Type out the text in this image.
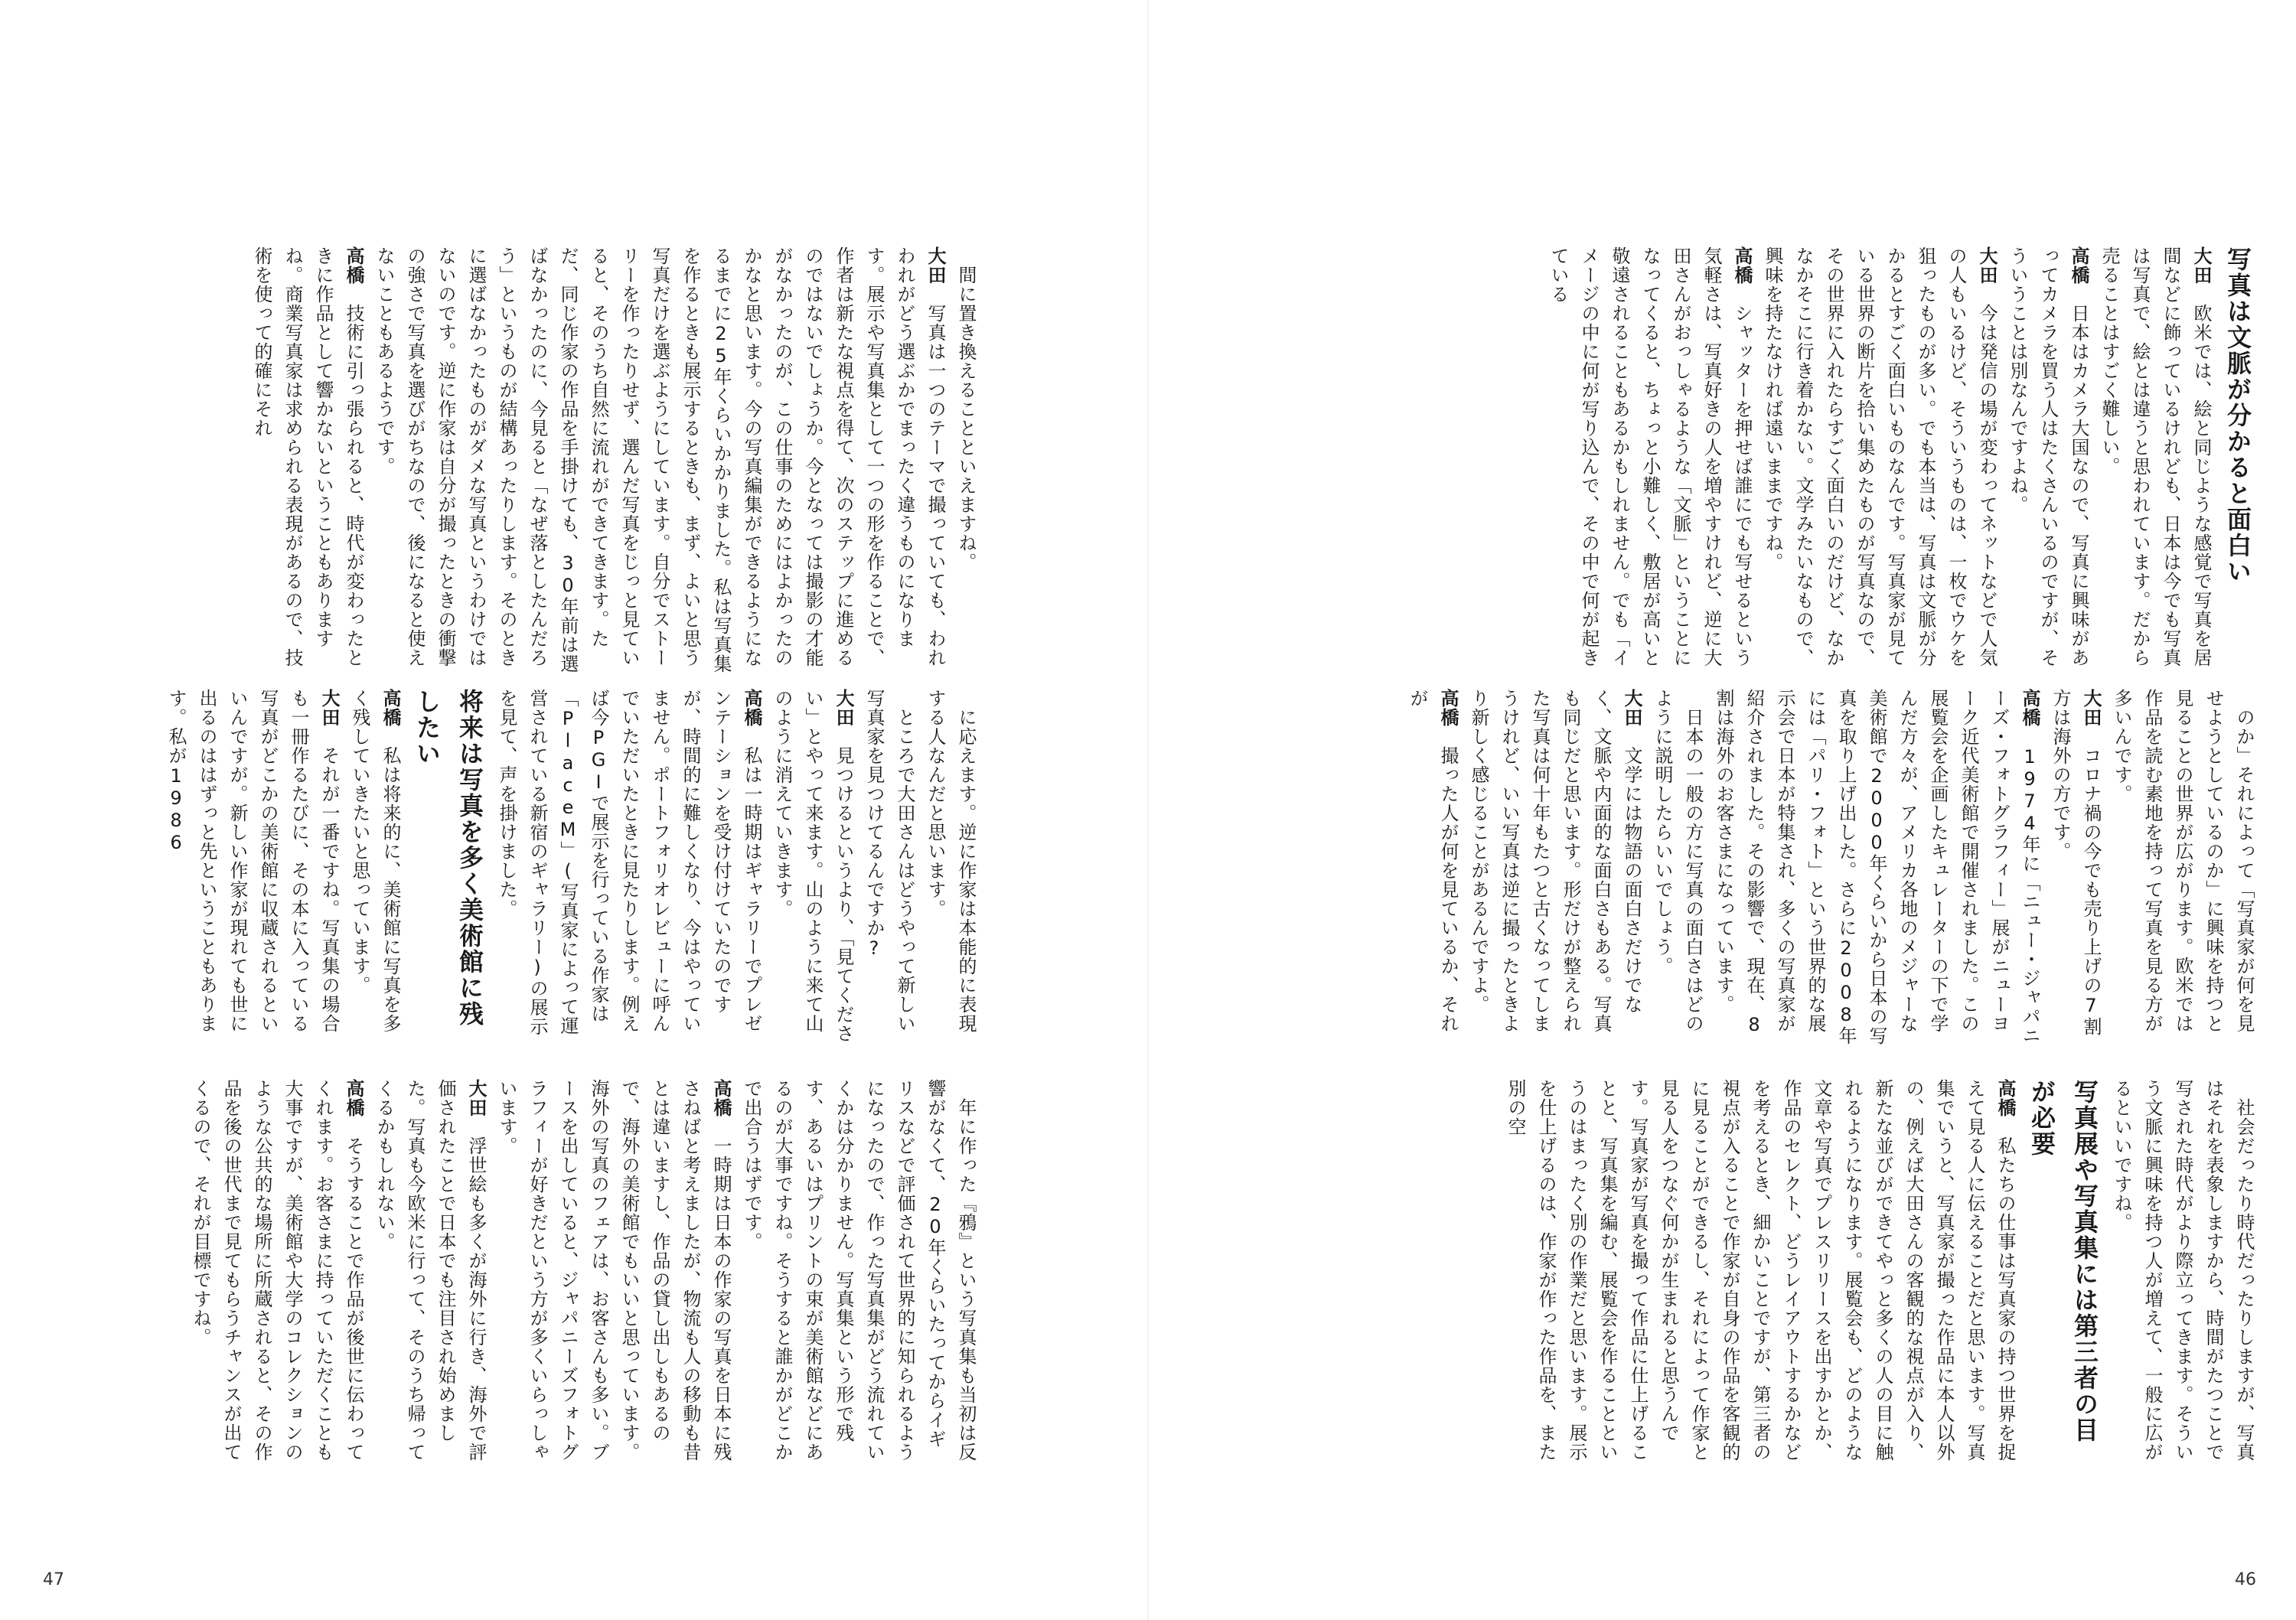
写真は文脈が分かると面白い

大田　欧米では、絵と同じような感覚で写真を居間などに飾っているけれども、日本は今でも写真は写真で、絵とは違うと思われています。だから売ることはすごく難しい。

高橋　日本はカメラ大国なので、写真に興味があってカメラを買う人はたくさんいるのですが、そういうことは別なんですよね。

大田　今は発信の場が変わってネットなどで人気の人もいるけど、そういうものは、一枚でウケを狙ったものが多い。でも本当は、写真は文脈が分かるとすごく面白いものなんです。写真家が見ている世界の断片を拾い集めたものが写真なので、その世界に入れたらすごく面白いのだけど、なかなかそこに行き着かない。文学みたいなもので、興味を持たなければ遠いままですね。

高橋　シャッターを押せば誰にでも写せるという気軽さは、写真好きの人を増やすけれど、逆に大田さんがおっしゃるような「文脈」ということになってくると、ちょっと小難しく、敷居が高いと敬遠されることもあるかもしれません。でも「イメージの中に何が写り込んで、その中で何が起きている

　のか」それによって「写真家が何を見せようとしているのか」に興味を持つと見ることの世界が広がります。欧米では作品を読む素地を持って写真を見る方が多いんです。

大田　コロナ禍の今でも売り上げの7割方は海外の方です。

高橋　1974年に「ニュー・ジャパニーズ・フォトグラフィー」展がニューヨーク近代美術館で開催されました。この展覧会を企画したキュレーターの下で学んだ方々が、アメリカ各地のメジャーな美術館で2000年くらいから日本の写真を取り上げ出した。さらに2008年には「パリ・フォト」という世界的な展示会で日本が特集され、多くの写真家が紹介されました。その影響で、現在、8割は海外のお客さまになっています。

　日本の一般の方に写真の面白さはどのように説明したらいいでしょう。

大田　文学には物語の面白さだけでなく、文脈や内面的な面白さもある。写真も同じだと思います。形だけが整えられた写真は何十年もたつと古くなってしまうけれど、いい写真は逆に撮ったときより新しく感じることがあるんですよ。

高橋　撮った人が何を見ているか、それが

　社会だったり時代だったりしますが、写真はそれを表象しますから、時間がたつことで写された時代がより際立ってきます。そういう文脈に興味を持つ人が増えて、一般に広がるといいですね。

写真展や写真集には第三者の目が必要

高橋　私たちの仕事は写真家の持つ世界を捉えて見る人に伝えることだと思います。写真集でいうと、写真家が撮った作品に本人以外の、例えば大田さんの客観的な視点が入り、新たな並びができてやっと多くの人の目に触れるようになります。展覧会も、どのような文章や写真でプレスリリースを出すかとか、作品のセレクト、どうレイアウトするかなどを考えるとき、細かいことですが、第三者の視点が入ることで作家が自身の作品を客観的に見ることができるし、それによって作家と見る人をつなぐ何かが生まれると思うんです。写真家が写真を撮って作品に仕上げることと、写真集を編む、展覧会を作ることというのはまったく別の作業だと思います。展示を仕上げるのは、作家が作った作品を、また別の空

46

　間に置き換えることといえますね。

大田　写真は一つのテーマで撮っていても、われわれがどう選ぶかでまったく違うものになります。展示や写真集として一つの形を作ることで、作者は新たな視点を得て、次のステップに進めるのではないでしょうか。今となっては撮影の才能がなかったのが、この仕事のためにはよかったのかなと思います。今の写真編集ができるようになるまでに25年くらいかかりました。私は写真集を作るときも展示するときも、まず、よいと思う写真だけを選ぶようにしています。自分でストーリーを作ったりせず、選んだ写真をじっと見ていると、そのうち自然に流れができてきます。ただ、同じ作家の作品を手掛けても、30年前は選ばなかったのに、今見ると「なぜ落としたんだろう」というものが結構あったりします。そのときに選ばなかったものがダメな写真というわけではないのです。逆に作家は自分が撮ったときの衝撃の強さで写真を選びがちなので、後になると使えないこともあるようです。

高橋　技術に引っ張られると、時代が変わったときに作品として響かないということもありますね。商業写真家は求められる表現があるので、技術を使って的確にそれ

　に応えます。逆に作家は本能的に表現する人なんだと思います。

　ところで大田さんはどうやって新しい写真家を見つけてるんですか?

大田　見つけるというより、「見てください」とやって来ます。山のように来て山のように消えていきます。

高橋　私は一時期はギャラリーでプレゼンテーションを受け付けていたのですが、時間的に難しくなり、今はやっていません。ポートフォリオレビューに呼んでいただいたときに見たりします。例えば今PGIで展示を行っている作家は「PlaceM」(写真家によって運営されている新宿のギャラリー)の展示を見て、声を掛けました。

将来は写真を多く美術館に残したい

高橋　私は将来的に、美術館に写真を多く残していきたいと思っています。

大田　それが一番ですね。写真集の場合も一冊作るたびに、その本に入っている写真がどこかの美術館に収蔵されるといいんですが。新しい作家が現れても世に出るのははずっと先ということもあります。私が1986

　年に作った『鴉』という写真集も当初は反響がなくて、20年くらいたってからイギリスなどで評価されて世界的に知られるようになったので、作った写真集がどう流れていくかは分かりません。写真集という形で残す、あるいはプリントの束が美術館などにあるのが大事ですね。そうすると誰かがどこかで出合うはずです。

高橋　一時期は日本の作家の写真を日本に残さねばと考えましたが、物流も人の移動も昔とは違いますし、作品の貸し出しもあるので、海外の美術館でもいいと思っています。海外の写真のフェアは、お客さんも多い。ブースを出していると、ジャパニーズフォトグラフィーが好きだという方が多くいらっしゃいます。

大田　浮世絵も多くが海外に行き、海外で評価されたことで日本でも注目され始めました。写真も今欧米に行って、そのうち帰ってくるかもしれない。

高橋　そうすることで作品が後世に伝わってくれます。お客さまに持っていただくことも大事ですが、美術館や大学のコレクションのような公共的な場所に所蔵されると、その作品を後の世代まで見てもらうチャンスが出てくるので、それが目標ですね。

47
